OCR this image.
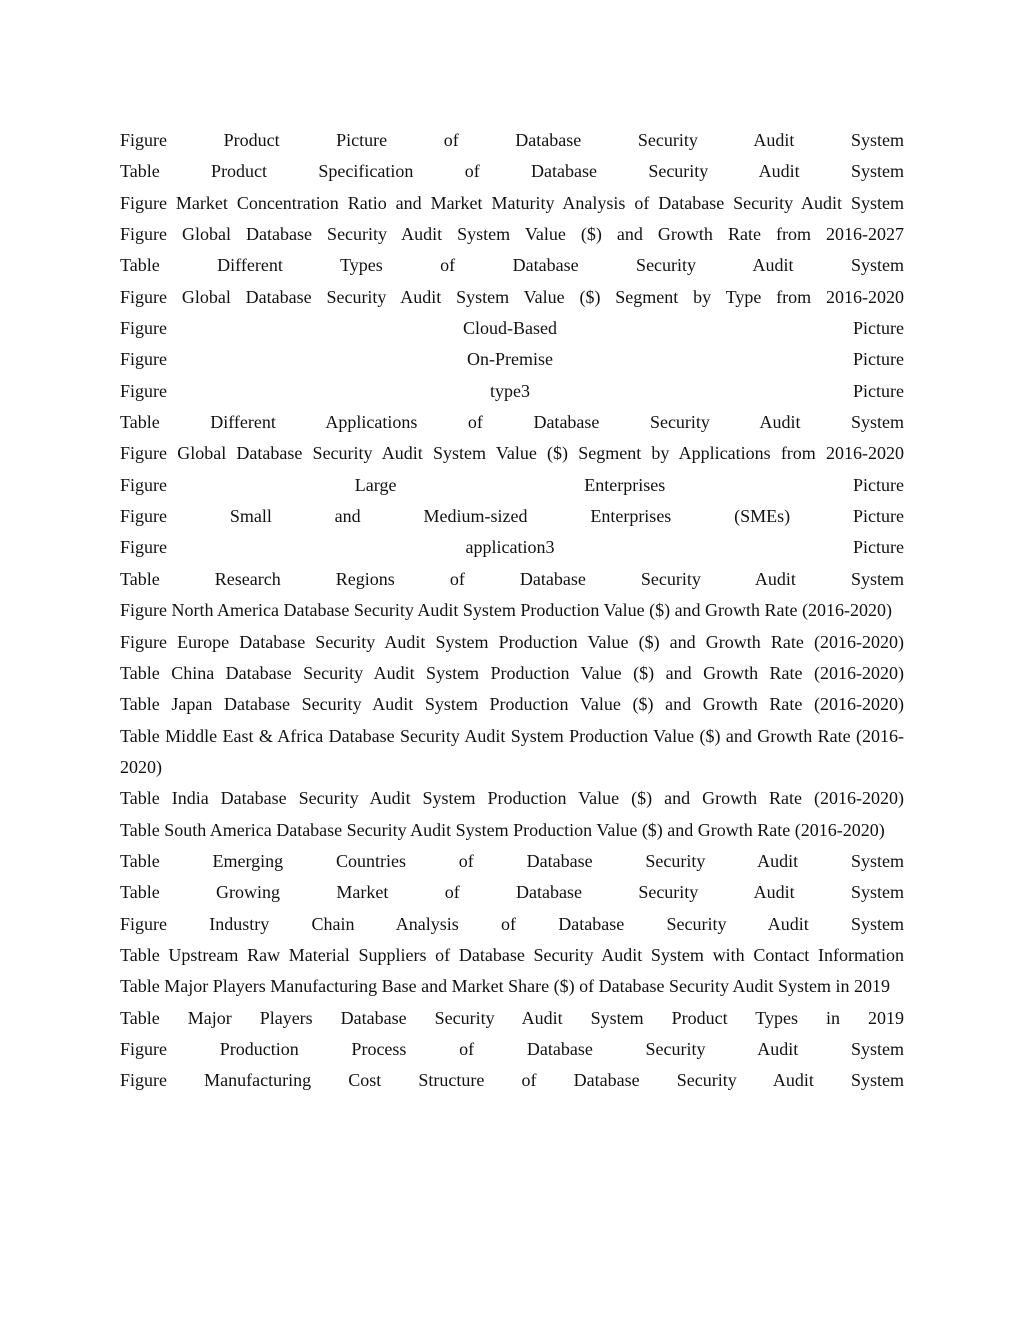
Figure Product Picture of Database Security Audit System
Table Product Specification of Database Security Audit System
Figure Market Concentration Ratio and Market Maturity Analysis of Database Security Audit System
Figure Global Database Security Audit System Value ($) and Growth Rate from 2016-2027
Table Different Types of Database Security Audit System
Figure Global Database Security Audit System Value ($) Segment by Type from 2016-2020
Figure Cloud-Based Picture
Figure On-Premise Picture
Figure type3 Picture
Table Different Applications of Database Security Audit System
Figure Global Database Security Audit System Value ($) Segment by Applications from 2016-2020
Figure Large Enterprises Picture
Figure Small and Medium-sized Enterprises (SMEs) Picture
Figure application3 Picture
Table Research Regions of Database Security Audit System
Figure North America Database Security Audit System Production Value ($) and Growth Rate (2016-2020)
Figure Europe Database Security Audit System Production Value ($) and Growth Rate (2016-2020)
Table China Database Security Audit System Production Value ($) and Growth Rate (2016-2020)
Table Japan Database Security Audit System Production Value ($) and Growth Rate (2016-2020)
Table Middle East & Africa Database Security Audit System Production Value ($) and Growth Rate (2016-2020)
Table India Database Security Audit System Production Value ($) and Growth Rate (2016-2020)
Table South America Database Security Audit System Production Value ($) and Growth Rate (2016-2020)
Table Emerging Countries of Database Security Audit System
Table Growing Market of Database Security Audit System
Figure Industry Chain Analysis of Database Security Audit System
Table Upstream Raw Material Suppliers of Database Security Audit System with Contact Information
Table Major Players Manufacturing Base and Market Share ($) of Database Security Audit System in 2019
Table Major Players Database Security Audit System Product Types in 2019
Figure Production Process of Database Security Audit System
Figure Manufacturing Cost Structure of Database Security Audit System
